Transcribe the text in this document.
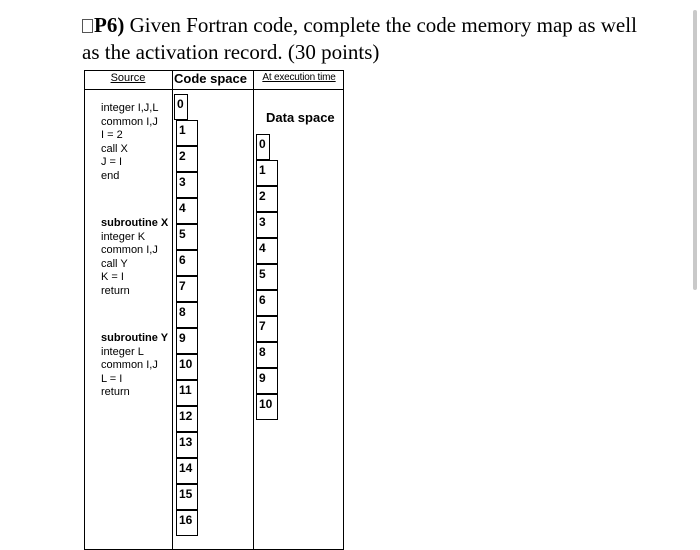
P6) Given Fortran code, complete the code memory map as well as the activation record. (30 points)
Source	Code space	At execution time
Data space
integer I,J,L
common I,J
I = 2
call X
J = I
end
subroutine X
integer K
common I,J
call Y
K = I
return
subroutine Y
integer L
common I,J
L = I
return
0
1
2
3
4
5
6
7
8
9
10
11
12
13
14
15
16
0
1
2
3
4
5
6
7
8
9
10
